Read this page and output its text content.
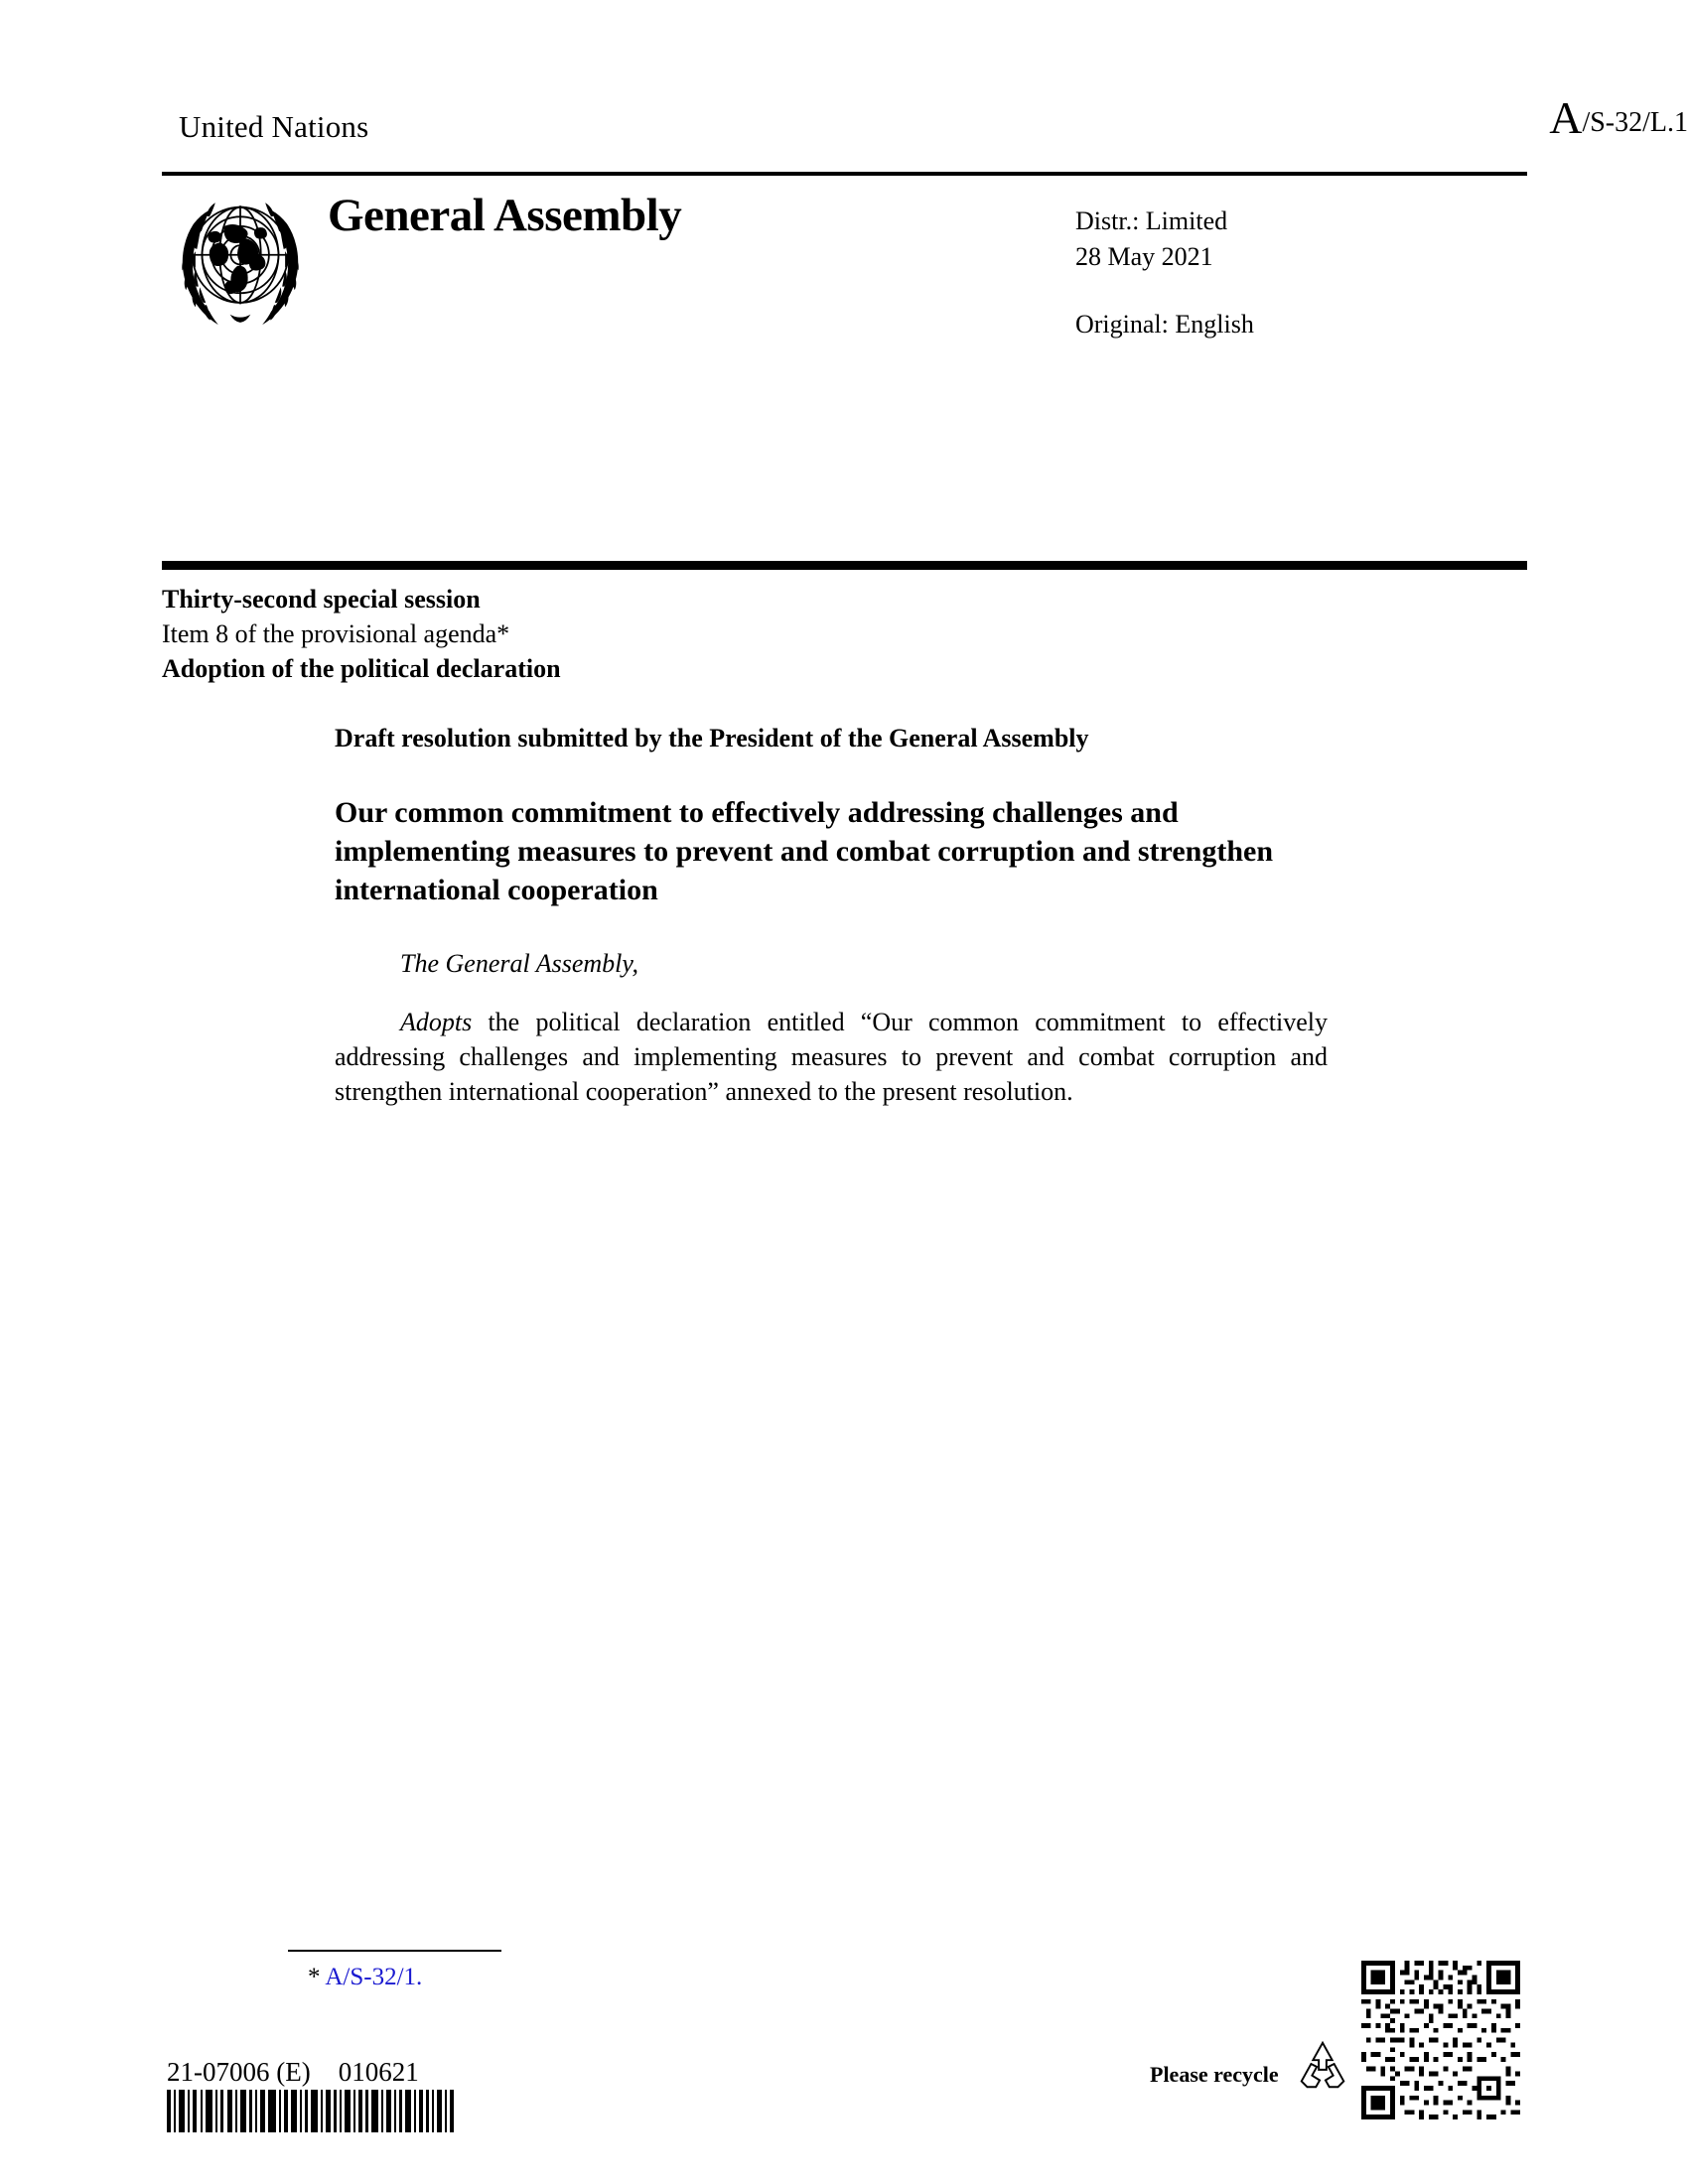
United Nations	A/S-32/L.1
General Assembly	Distr.: Limited
28 May 2021
Original: English
Thirty-second special session
Item 8 of the provisional agenda*
Adoption of the political declaration

Draft resolution submitted by the President of the General Assembly

Our common commitment to effectively addressing challenges and implementing measures to prevent and combat corruption and strengthen international cooperation

The General Assembly,

Adopts the political declaration entitled “Our common commitment to effectively addressing challenges and implementing measures to prevent and combat corruption and strengthen international cooperation” annexed to the present resolution.

* A/S-32/1.
21-07006 (E) 010621	Please recycle
